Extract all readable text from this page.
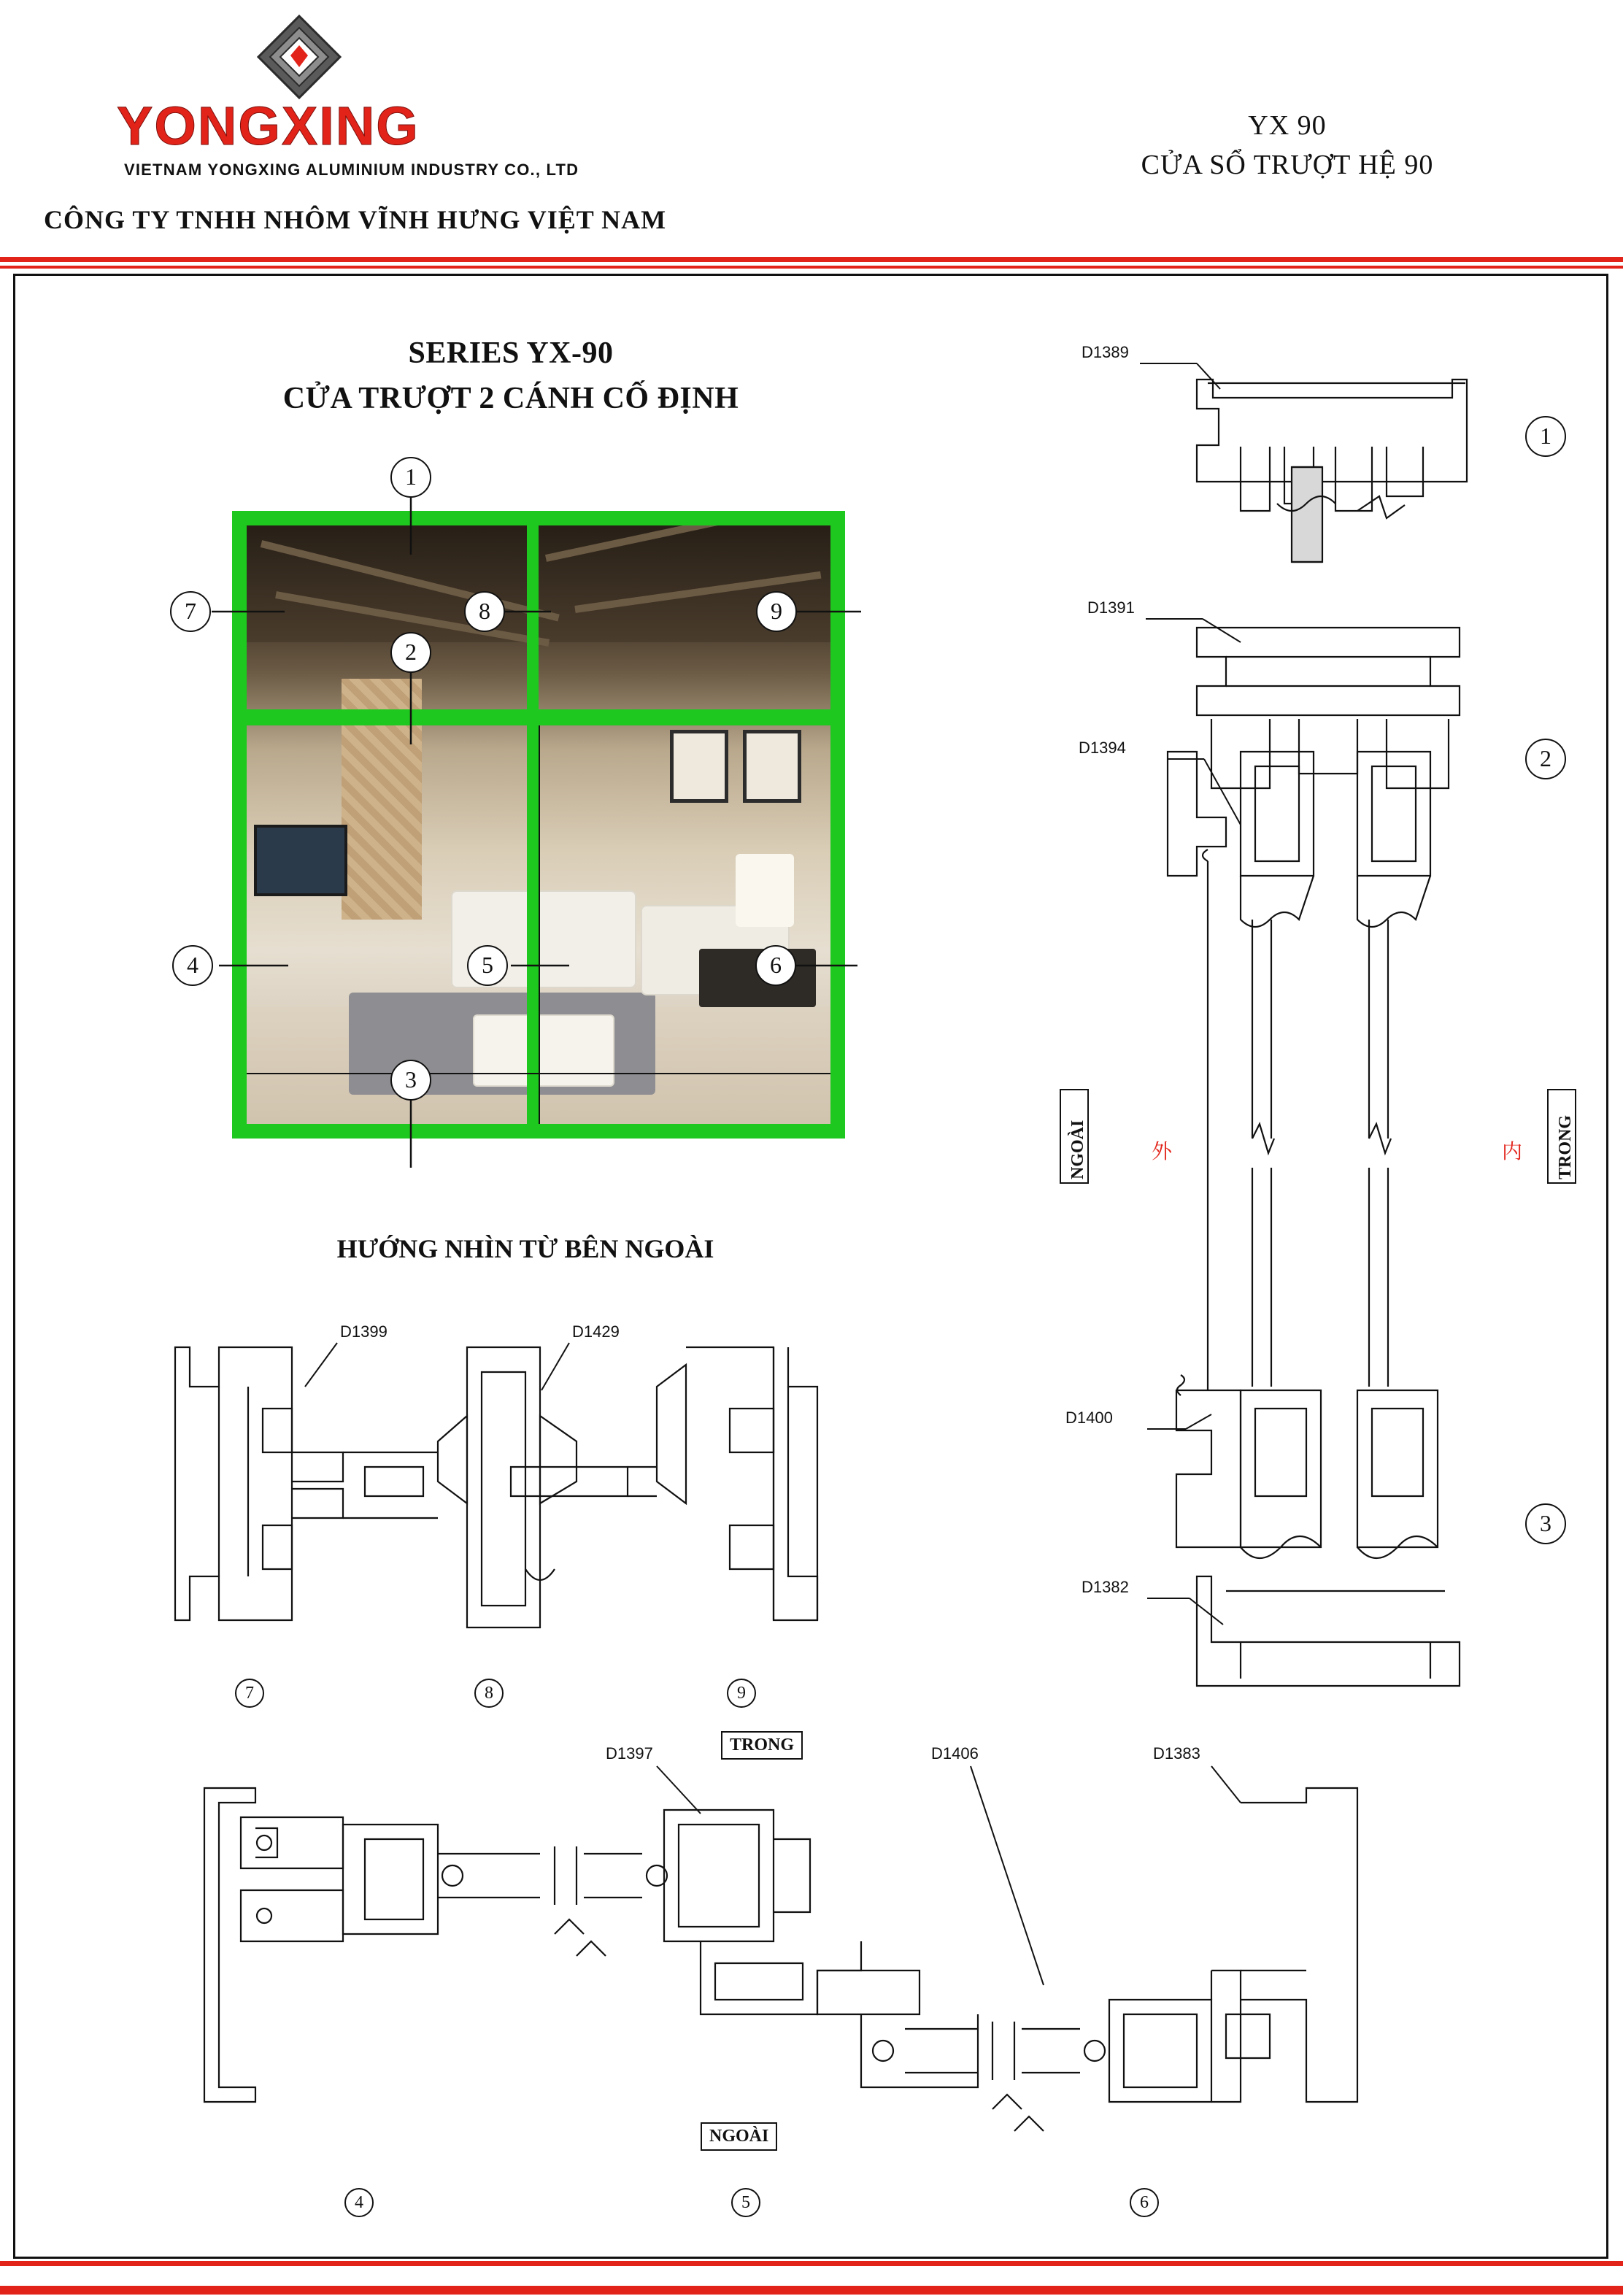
YONGXING
VIETNAM YONGXING ALUMINIUM INDUSTRY CO., LTD
CÔNG TY TNHH NHÔM VĨNH HƯNG VIỆT NAM
YX 90
CỬA SỔ TRƯỢT HỆ 90
SERIES YX-90
CỬA TRƯỢT 2 CÁNH CỐ ĐỊNH
HƯỚNG NHÌN TỪ BÊN NGOÀI
1
2
3
4	5	6
7	8	9
D1389
D1391
D1394
D1400
D1382
1
2
3
NGOÀI	外	TRONG
内
D1399	D1429
7	8	9
D1397	D1406	D1383
TRONG
NGOÀI
4	5	6
